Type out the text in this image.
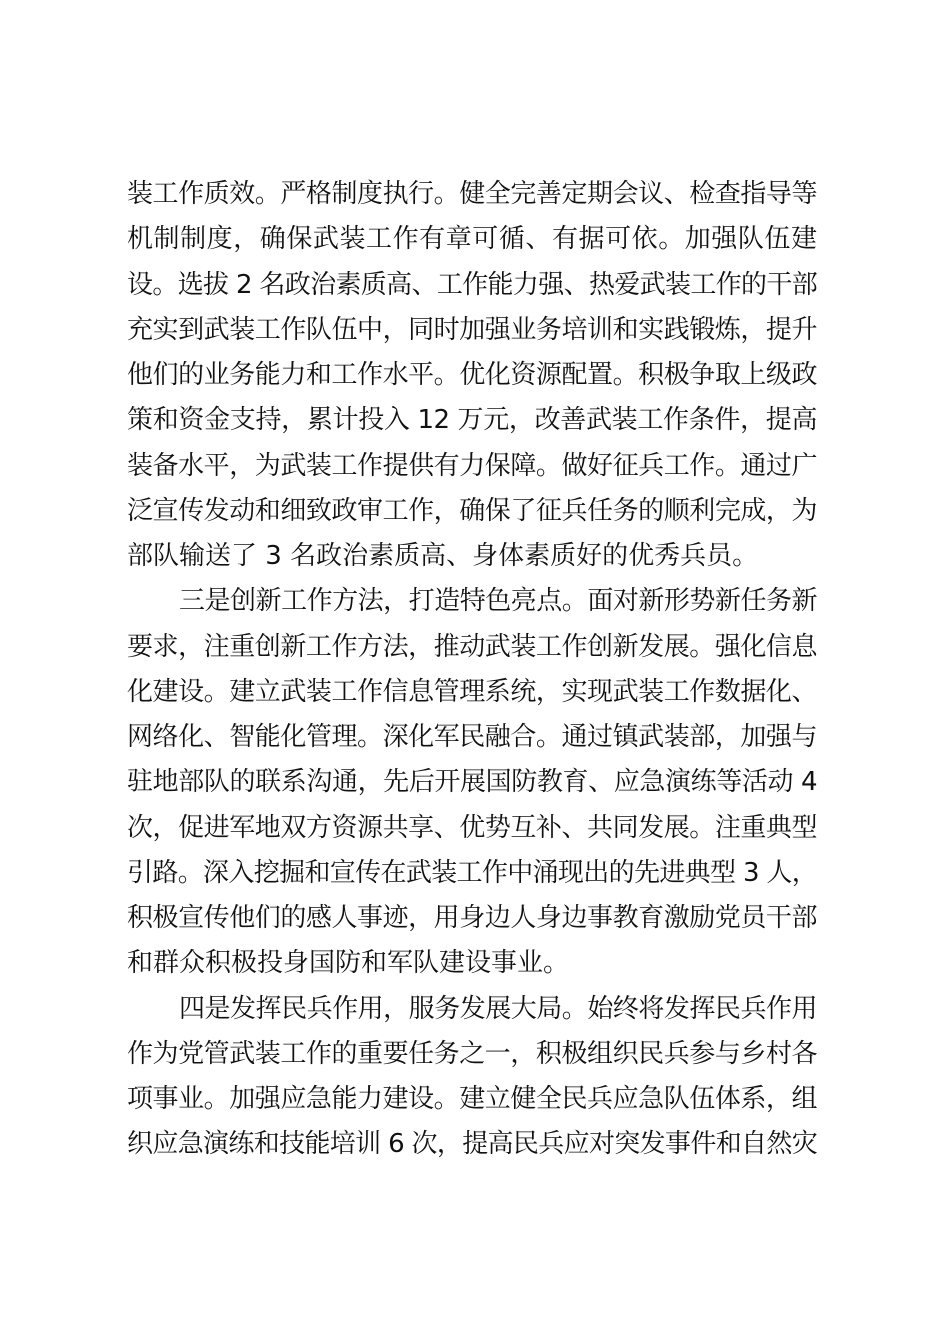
装工作质效。严格制度执行。健全完善定期会议、检查指导等
机制制度，确保武装工作有章可循、有据可依。加强队伍建
设。选拔 2 名政治素质高、工作能力强、热爱武装工作的干部
充实到武装工作队伍中，同时加强业务培训和实践锻炼，提升
他们的业务能力和工作水平。优化资源配置。积极争取上级政
策和资金支持，累计投入 12 万元，改善武装工作条件，提高
装备水平，为武装工作提供有力保障。做好征兵工作。通过广
泛宣传发动和细致政审工作，确保了征兵任务的顺利完成，为
部队输送了 3 名政治素质高、身体素质好的优秀兵员。
三是创新工作方法，打造特色亮点。面对新形势新任务新
要求，注重创新工作方法，推动武装工作创新发展。强化信息
化建设。建立武装工作信息管理系统，实现武装工作数据化、
网络化、智能化管理。深化军民融合。通过镇武装部，加强与
驻地部队的联系沟通，先后开展国防教育、应急演练等活动 4
次，促进军地双方资源共享、优势互补、共同发展。注重典型
引路。深入挖掘和宣传在武装工作中涌现出的先进典型 3 人，
积极宣传他们的感人事迹，用身边人身边事教育激励党员干部
和群众积极投身国防和军队建设事业。
四是发挥民兵作用，服务发展大局。始终将发挥民兵作用
作为党管武装工作的重要任务之一，积极组织民兵参与乡村各
项事业。加强应急能力建设。建立健全民兵应急队伍体系，组
织应急演练和技能培训 6 次，提高民兵应对突发事件和自然灾
